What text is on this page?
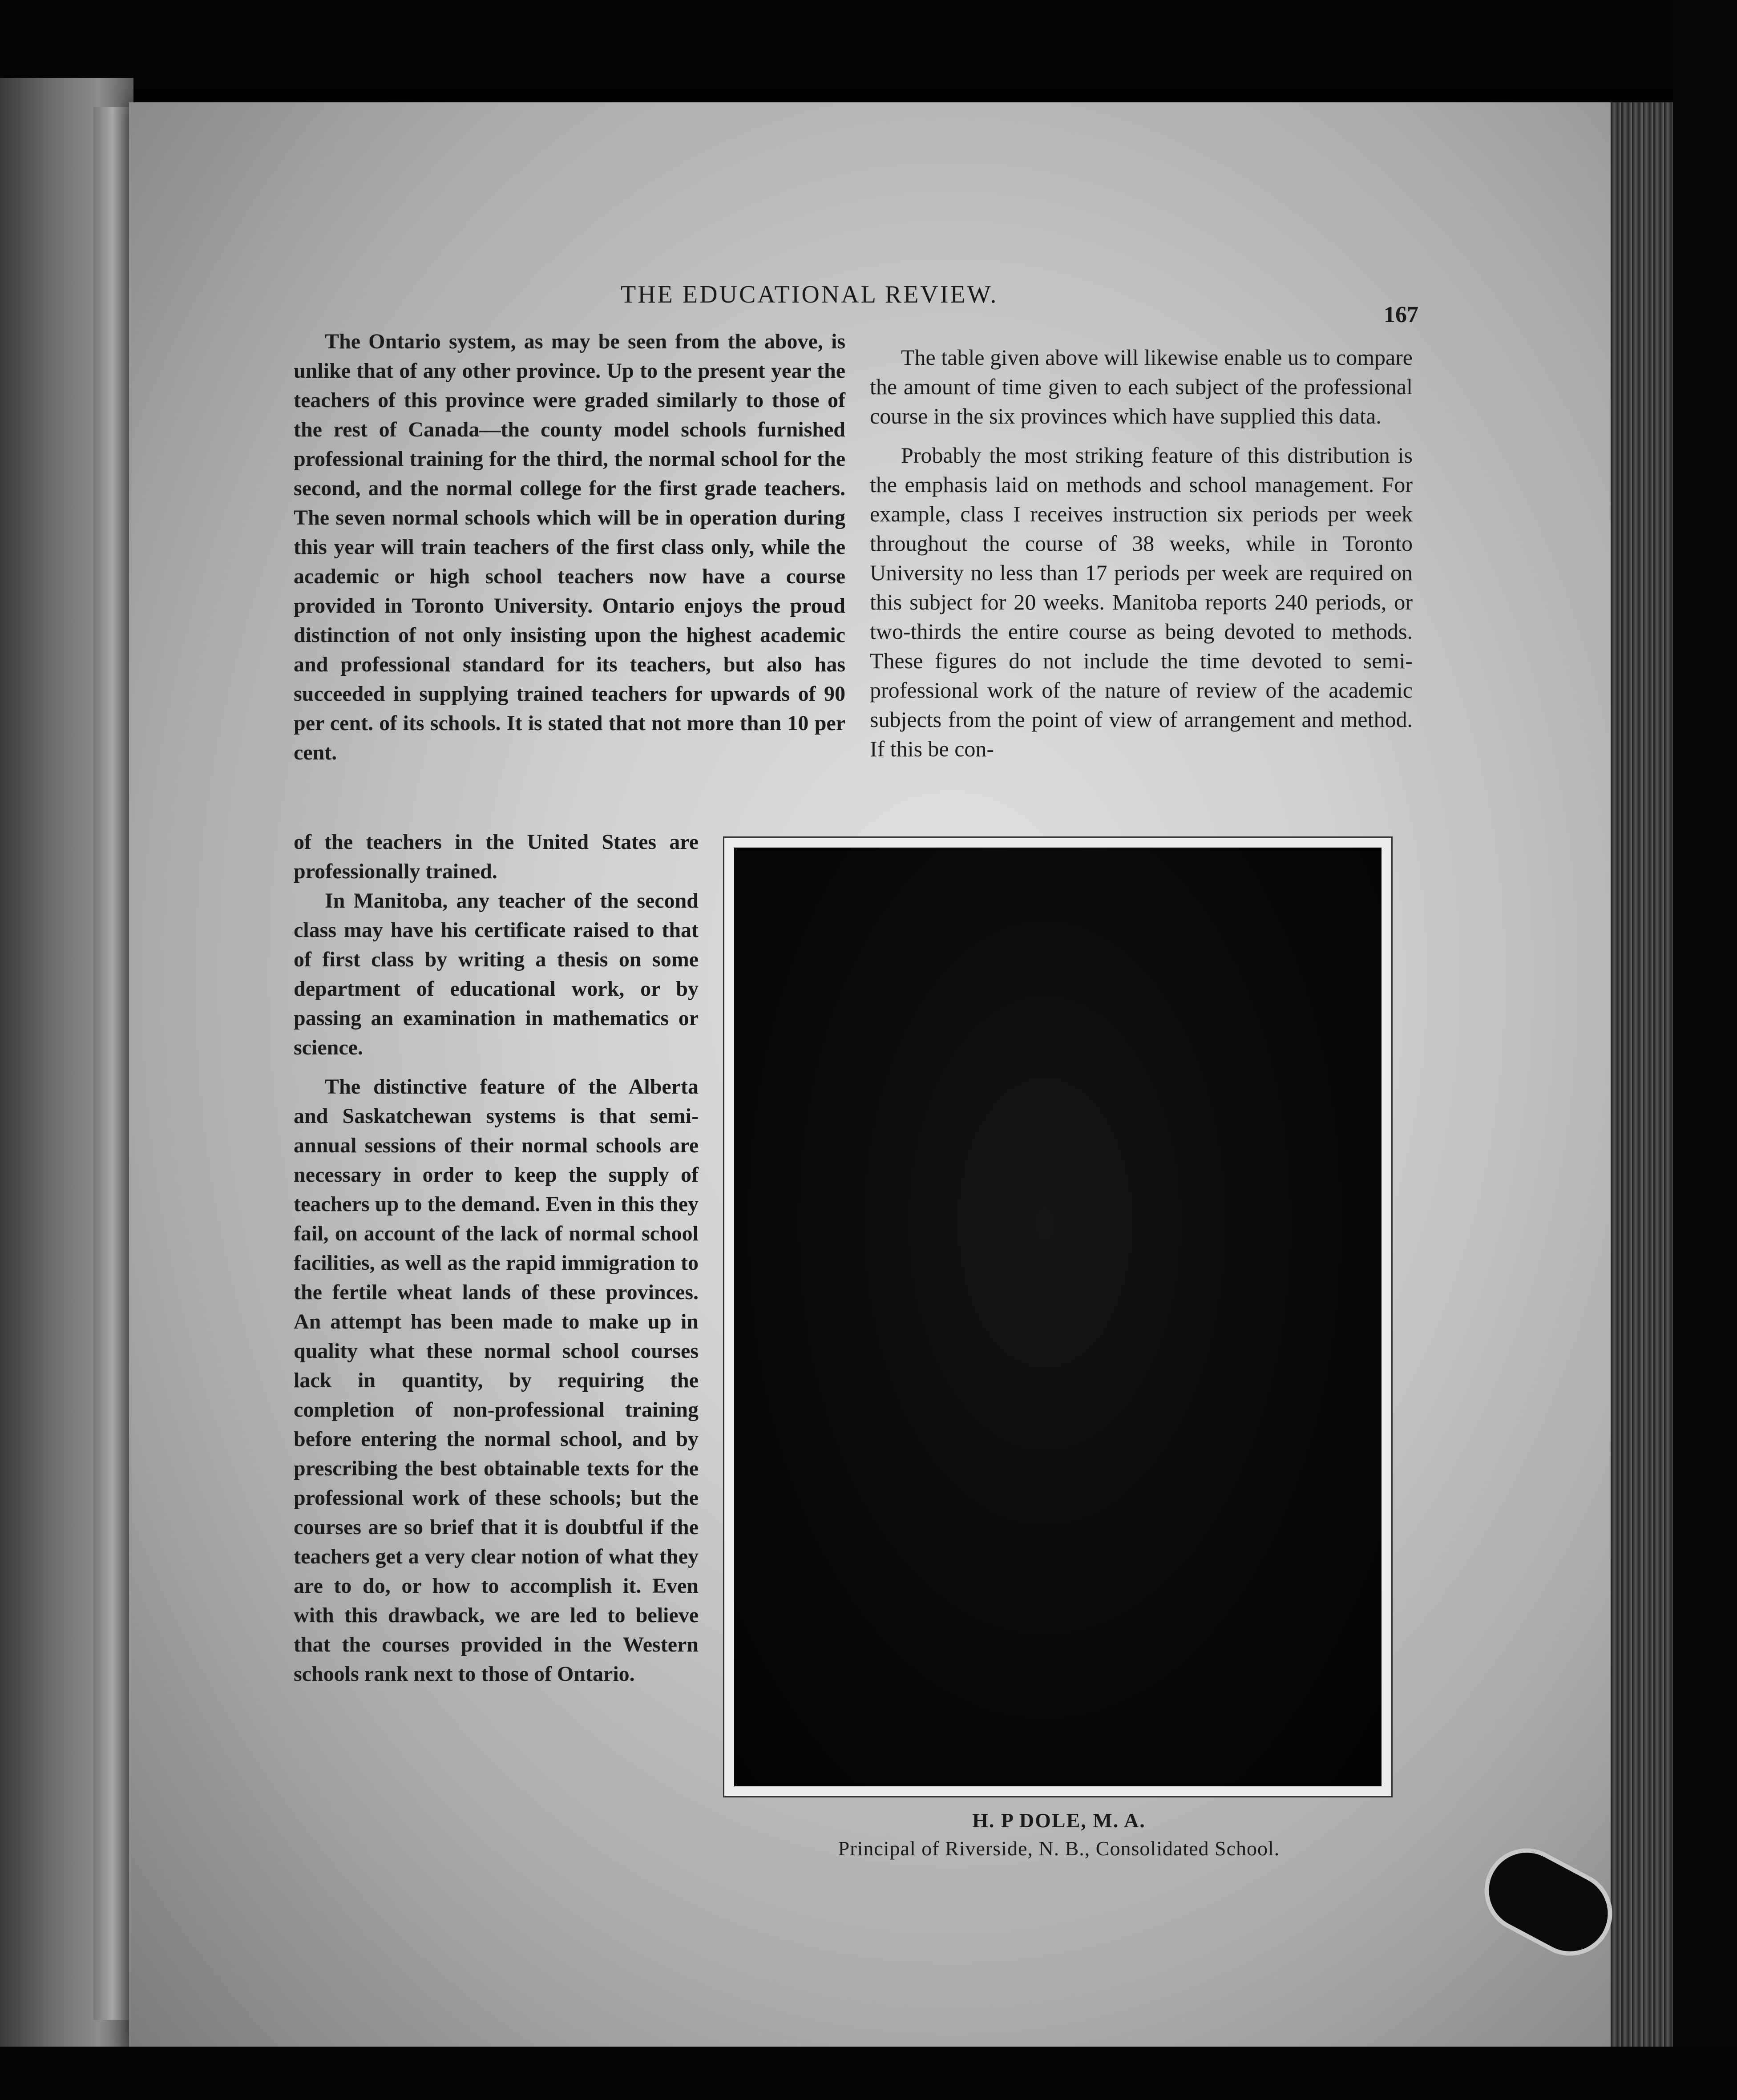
THE EDUCATIONAL REVIEW.
167

The Ontario system, as may be seen from the above, is unlike that of any other province. Up to the present year the teachers of this province were graded similarly to those of the rest of Canada—the county model schools furnished professional training for the third, the normal school for the second, and the normal college for the first grade teachers. The seven normal schools which will be in operation during this year will train teachers of the first class only, while the academic or high school teachers now have a course provided in Toronto University. Ontario enjoys the proud distinction of not only insisting upon the highest academic and professional standard for its teachers, but also has succeeded in supplying trained teachers for upwards of 90 per cent. of its schools. It is stated that not more than 10 per cent.

of the teachers in the United States are professionally trained.

In Manitoba, any teacher of the second class may have his certificate raised to that of first class by writing a thesis on some department of educational work, or by passing an examination in mathematics or science.

The distinctive feature of the Alberta and Saskatchewan systems is that semi-annual sessions of their normal schools are necessary in order to keep the supply of teachers up to the demand. Even in this they fail, on account of the lack of normal school facilities, as well as the rapid immigration to the fertile wheat lands of these provinces. An attempt has been made to make up in quality what these normal school courses lack in quantity, by requiring the completion of non-professional training before entering the normal school, and by prescribing the best obtainable texts for the professional work of these schools; but the courses are so brief that it is doubtful if the teachers get a very clear notion of what they are to do, or how to accomplish it. Even with this drawback, we are led to believe that the courses provided in the Western schools rank next to those of Ontario.

The table given above will likewise enable us to compare the amount of time given to each subject of the professional course in the six provinces which have supplied this data.

Probably the most striking feature of this distribution is the emphasis laid on methods and school management. For example, class I receives instruction six periods per week throughout the course of 38 weeks, while in Toronto University no less than 17 periods per week are required on this subject for 20 weeks. Manitoba reports 240 periods, or two-thirds the entire course as being devoted to methods. These figures do not include the time devoted to semi-professional work of the nature of review of the academic subjects from the point of view of arrangement and method. If this be con-

H. P DOLE, M. A.
Principal of Riverside, N. B., Consolidated School.
